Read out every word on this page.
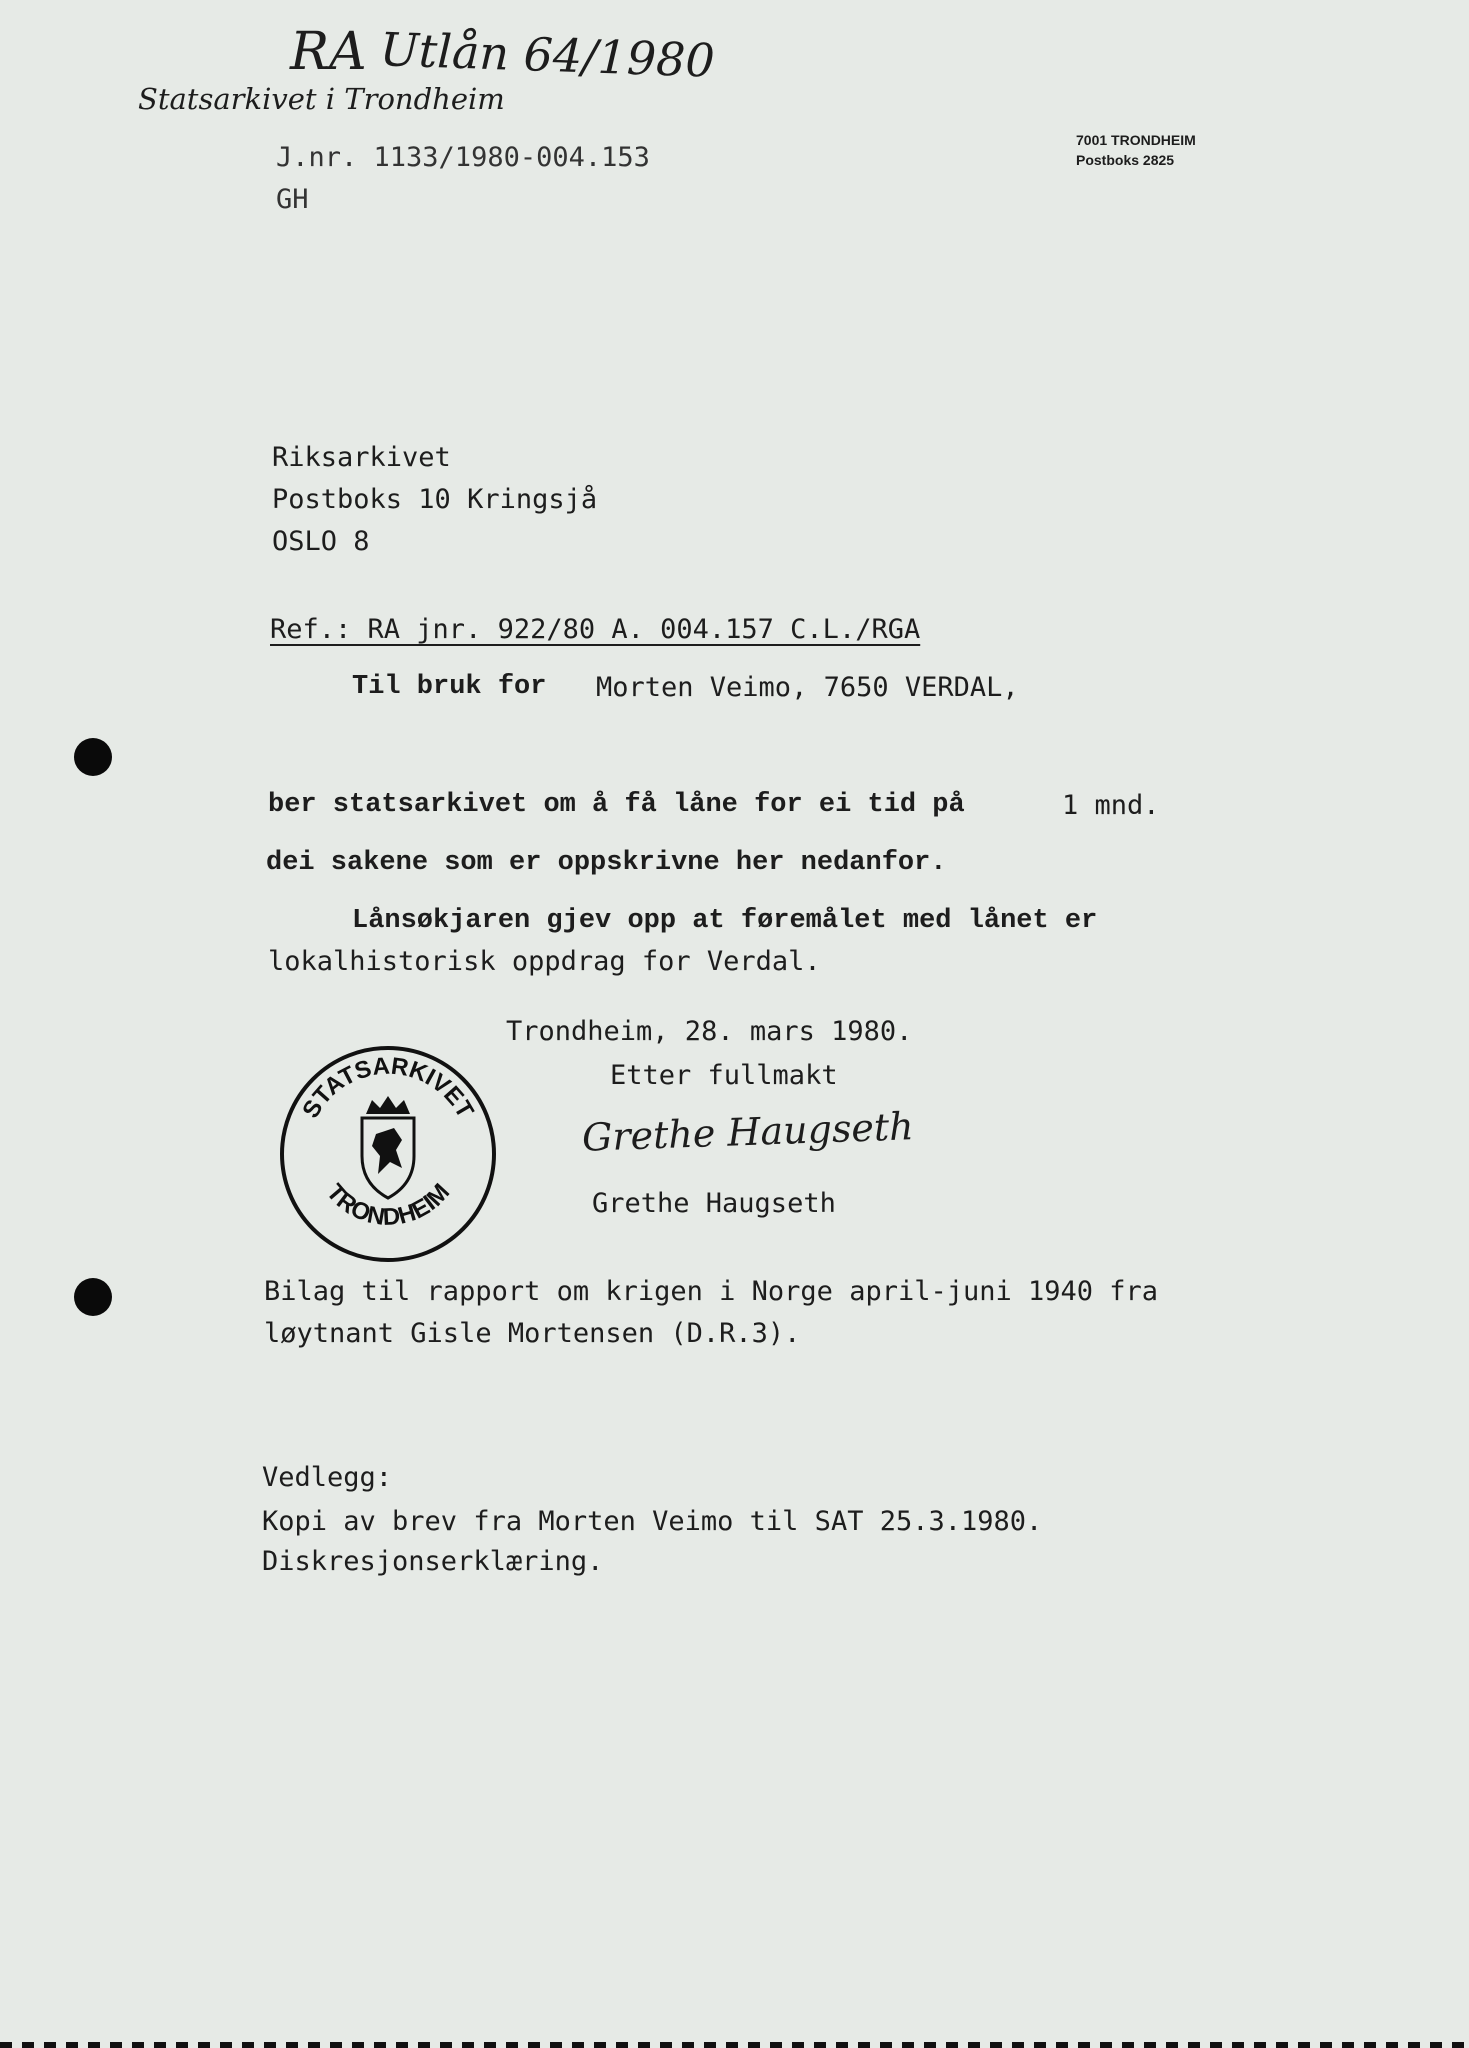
RA Utlån 64/1980
Statsarkivet i Trondheim
7001 TRONDHEIM
Postboks 2825
J.nr. 1133/1980-004.153
GH
Riksarkivet
Postboks 10 Kringsjå
OSLO 8
Ref.: RA jnr. 922/80 A. 004.157 C.L./RGA
Til bruk for Morten Veimo, 7650 VERDAL,
ber statsarkivet om å få låne for ei tid på	1 mnd.
dei sakene som er oppskrivne her nedanfor.
Lånsøkjaren gjev opp at føremålet med lånet er
lokalhistorisk oppdrag for Verdal.
Trondheim, 28. mars 1980.
Etter fullmakt
Grethe Haugseth
Grethe Haugseth
STATSARKIVET
TRONDHEIM
Bilag til rapport om krigen i Norge april-juni 1940 fra
løytnant Gisle Mortensen (D.R.3).
Vedlegg:
Kopi av brev fra Morten Veimo til SAT 25.3.1980.
Diskresjonserklæring.
